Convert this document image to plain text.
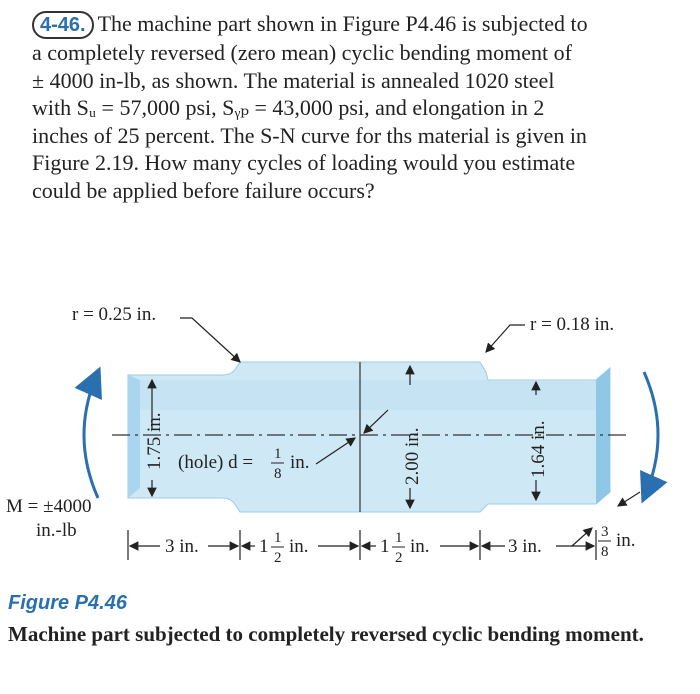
4-46. The machine part shown in Figure P4.46 is subjected to
a completely reversed (zero mean) cyclic bending moment of
± 4000 in-lb, as shown. The material is annealed 1020 steel
with Sᵤ = 57,000 psi, Sᵧₚ = 43,000 psi, and elongation in 2
inches of 25 percent. The S-N curve for ths material is given in
Figure 2.19. How many cycles of loading would you estimate
could be applied before failure occurs?
1.75 in.	2.00 in.	1.64 in.
r = 0.25 in.	r = 0.18 in.
(hole) d = 1
8
in.
M = ±4000
in.-lb
3 in.	1 1
2
in.	1 1
2
in.	3 in.
3
8
in.
Figure P4.46
Machine part subjected to completely reversed cyclic bending moment.
